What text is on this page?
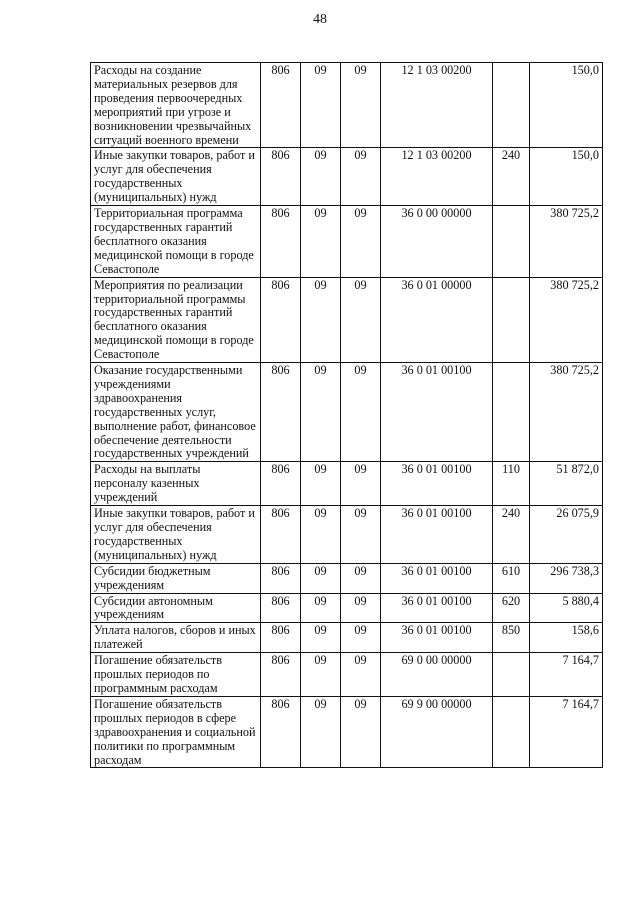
48
Расходы на создание материальных резервов для проведения первоочередных мероприятий при угрозе и возникновении чрезвычайных ситуаций военного времени	806	09	09	12 1 03 00200		150,0
Иные закупки товаров, работ и услуг для обеспечения государственных (муниципальных) нужд	806	09	09	12 1 03 00200	240	150,0
Территориальная программа государственных гарантий бесплатного оказания медицинской помощи в городе Севастополе	806	09	09	36 0 00 00000		380 725,2
Мероприятия по реализации территориальной программы государственных гарантий бесплатного оказания медицинской помощи в городе Севастополе	806	09	09	36 0 01 00000		380 725,2
Оказание государственными учреждениями здравоохранения государственных услуг, выполнение работ, финансовое обеспечение деятельности государственных учреждений	806	09	09	36 0 01 00100		380 725,2
Расходы на выплаты персоналу казенных учреждений	806	09	09	36 0 01 00100	110	51 872,0
Иные закупки товаров, работ и услуг для обеспечения государственных (муниципальных) нужд	806	09	09	36 0 01 00100	240	26 075,9
Субсидии бюджетным учреждениям	806	09	09	36 0 01 00100	610	296 738,3
Субсидии автономным учреждениям	806	09	09	36 0 01 00100	620	5 880,4
Уплата налогов, сборов и иных платежей	806	09	09	36 0 01 00100	850	158,6
Погашение обязательств прошлых периодов по программным расходам	806	09	09	69 0 00 00000		7 164,7
Погашение обязательств прошлых периодов в сфере здравоохранения и социальной политики по программным расходам	806	09	09	69 9 00 00000		7 164,7
